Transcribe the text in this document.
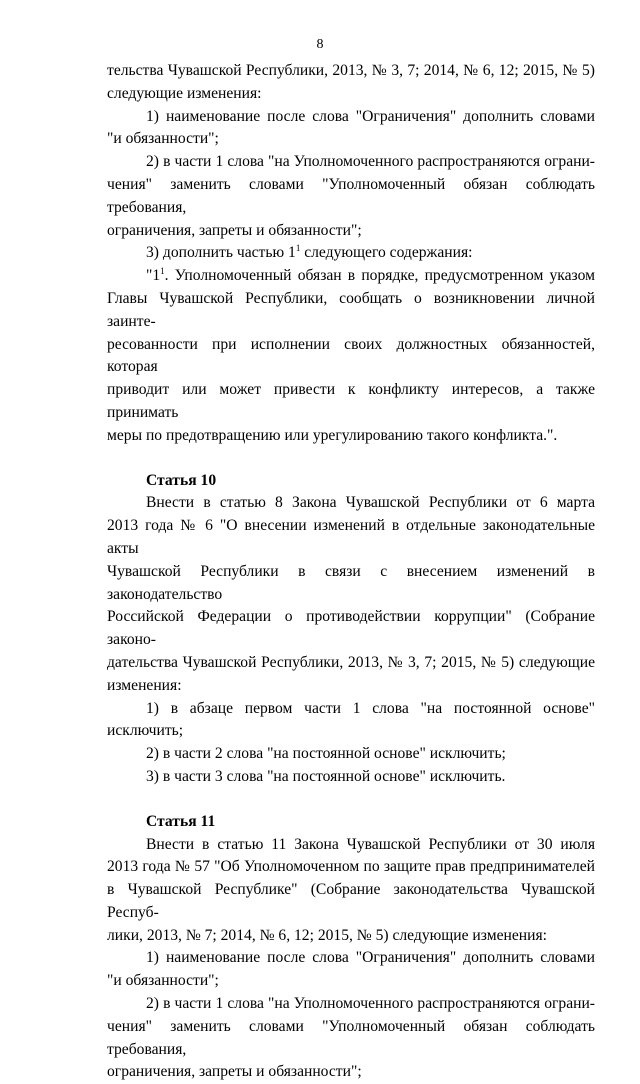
8

тельства Чувашской Республики, 2013, № 3, 7; 2014, № 6, 12; 2015, № 5)

следующие изменения:

1) наименование после слова "Ограничения" дополнить словами

"и обязанности";

2) в части 1 слова "на Уполномоченного распространяются ограни-

чения" заменить словами "Уполномоченный обязан соблюдать требования,

ограничения, запреты и обязанности";

3) дополнить частью $1^1$ следующего содержания:

"$1^1$. Уполномоченный обязан в порядке, предусмотренном указом

Главы Чувашской Республики, сообщать о возникновении личной заинте-

ресованности при исполнении своих должностных обязанностей, которая

приводит или может привести к конфликту интересов, а также принимать

меры по предотвращению или урегулированию такого конфликта.".

Статья 10

Внести в статью 8 Закона Чувашской Республики от 6 марта

2013 года № 6 "О внесении изменений в отдельные законодательные акты

Чувашской Республики в связи с внесением изменений в законодательство

Российской Федерации о противодействии коррупции" (Собрание законо-

дательства Чувашской Республики, 2013, № 3, 7; 2015, № 5) следующие

изменения:

1) в абзаце первом части 1 слова "на постоянной основе" исключить;

2) в части 2 слова "на постоянной основе" исключить;

3) в части 3 слова "на постоянной основе" исключить.

Статья 11

Внести в статью 11 Закона Чувашской Республики от 30 июля

2013 года № 57 "Об Уполномоченном по защите прав предпринимателей

в Чувашской Республике" (Собрание законодательства Чувашской Респуб-

лики, 2013, № 7; 2014, № 6, 12; 2015, № 5) следующие изменения:

1) наименование после слова "Ограничения" дополнить словами

"и обязанности";

2) в части 1 слова "на Уполномоченного распространяются ограни-

чения" заменить словами "Уполномоченный обязан соблюдать требования,

ограничения, запреты и обязанности";
